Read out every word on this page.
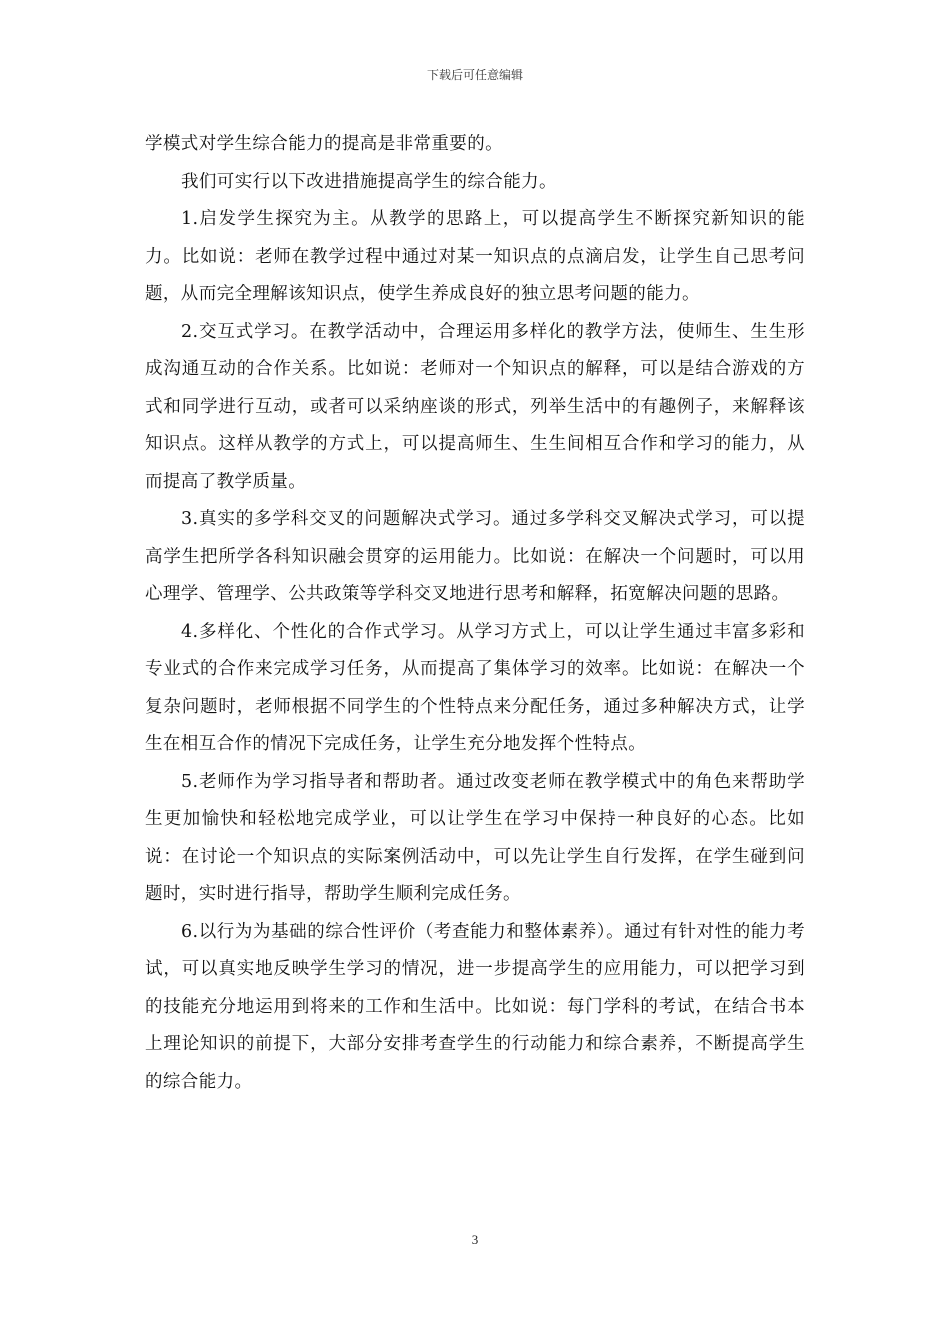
下载后可任意编辑

学模式对学生综合能力的提高是非常重要的。

我们可实行以下改进措施提高学生的综合能力。

1.启发学生探究为主。从教学的思路上，可以提高学生不断探究新知识的能力。比如说：老师在教学过程中通过对某一知识点的点滴启发，让学生自己思考问题，从而完全理解该知识点，使学生养成良好的独立思考问题的能力。

2.交互式学习。在教学活动中，合理运用多样化的教学方法，使师生、生生形成沟通互动的合作关系。比如说：老师对一个知识点的解释，可以是结合游戏的方式和同学进行互动，或者可以采纳座谈的形式，列举生活中的有趣例子，来解释该知识点。这样从教学的方式上，可以提高师生、生生间相互合作和学习的能力，从而提高了教学质量。

3.真实的多学科交叉的问题解决式学习。通过多学科交叉解决式学习，可以提高学生把所学各科知识融会贯穿的运用能力。比如说：在解决一个问题时，可以用心理学、管理学、公共政策等学科交叉地进行思考和解释，拓宽解决问题的思路。

4.多样化、个性化的合作式学习。从学习方式上，可以让学生通过丰富多彩和专业式的合作来完成学习任务，从而提高了集体学习的效率。比如说：在解决一个复杂问题时，老师根据不同学生的个性特点来分配任务，通过多种解决方式，让学生在相互合作的情况下完成任务，让学生充分地发挥个性特点。

5.老师作为学习指导者和帮助者。通过改变老师在教学模式中的角色来帮助学生更加愉快和轻松地完成学业，可以让学生在学习中保持一种良好的心态。比如说：在讨论一个知识点的实际案例活动中，可以先让学生自行发挥，在学生碰到问题时，实时进行指导，帮助学生顺利完成任务。

6.以行为为基础的综合性评价（考查能力和整体素养）。通过有针对性的能力考试，可以真实地反映学生学习的情况，进一步提高学生的应用能力，可以把学习到的技能充分地运用到将来的工作和生活中。比如说：每门学科的考试，在结合书本上理论知识的前提下，大部分安排考查学生的行动能力和综合素养，不断提高学生的综合能力。

3
